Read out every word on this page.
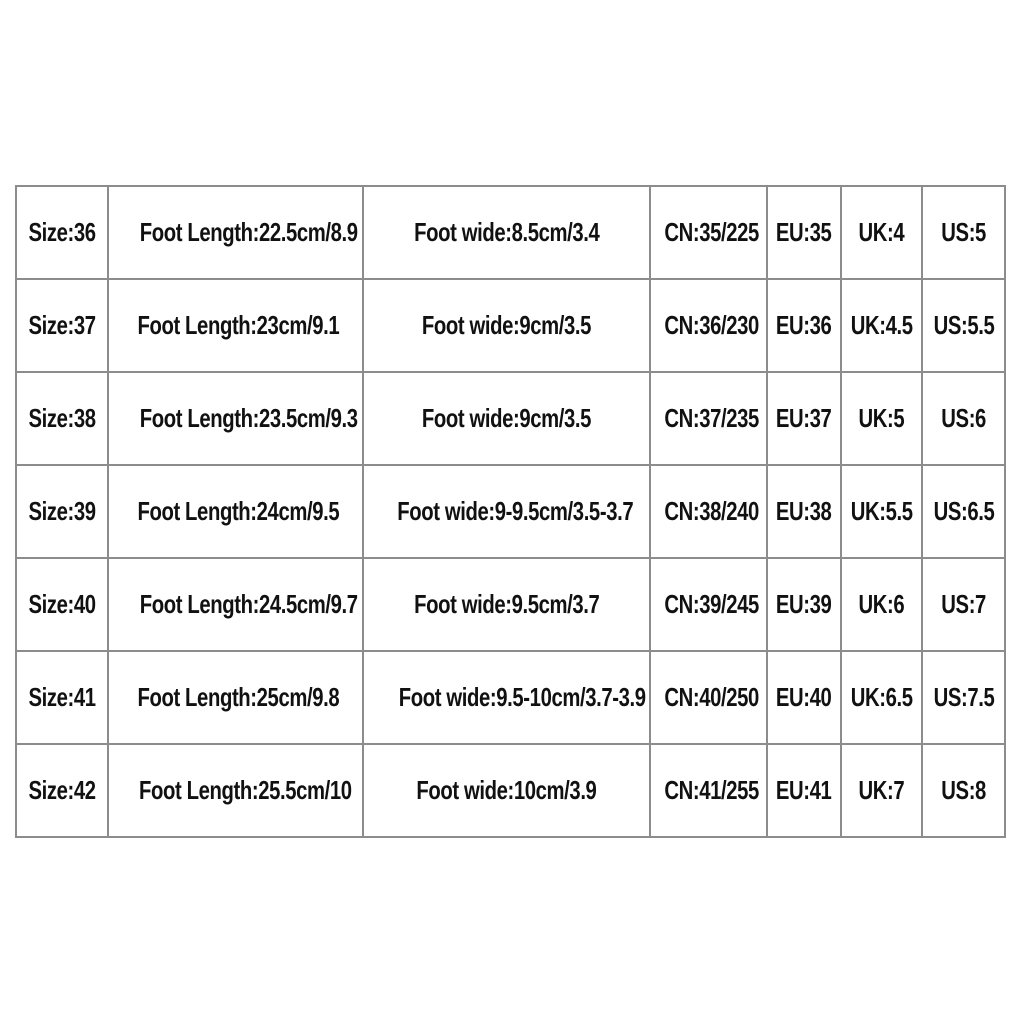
Size:36	Foot Length:22.5cm/8.9	Foot wide:8.5cm/3.4	CN:35/225	EU:35	UK:4	US:5
Size:37	Foot Length:23cm/9.1	Foot wide:9cm/3.5	CN:36/230	EU:36	UK:4.5	US:5.5
Size:38	Foot Length:23.5cm/9.3	Foot wide:9cm/3.5	CN:37/235	EU:37	UK:5	US:6
Size:39	Foot Length:24cm/9.5	Foot wide:9-9.5cm/3.5-3.7	CN:38/240	EU:38	UK:5.5	US:6.5
Size:40	Foot Length:24.5cm/9.7	Foot wide:9.5cm/3.7	CN:39/245	EU:39	UK:6	US:7
Size:41	Foot Length:25cm/9.8	Foot wide:9.5-10cm/3.7-3.9	CN:40/250	EU:40	UK:6.5	US:7.5
Size:42	Foot Length:25.5cm/10	Foot wide:10cm/3.9	CN:41/255	EU:41	UK:7	US:8
